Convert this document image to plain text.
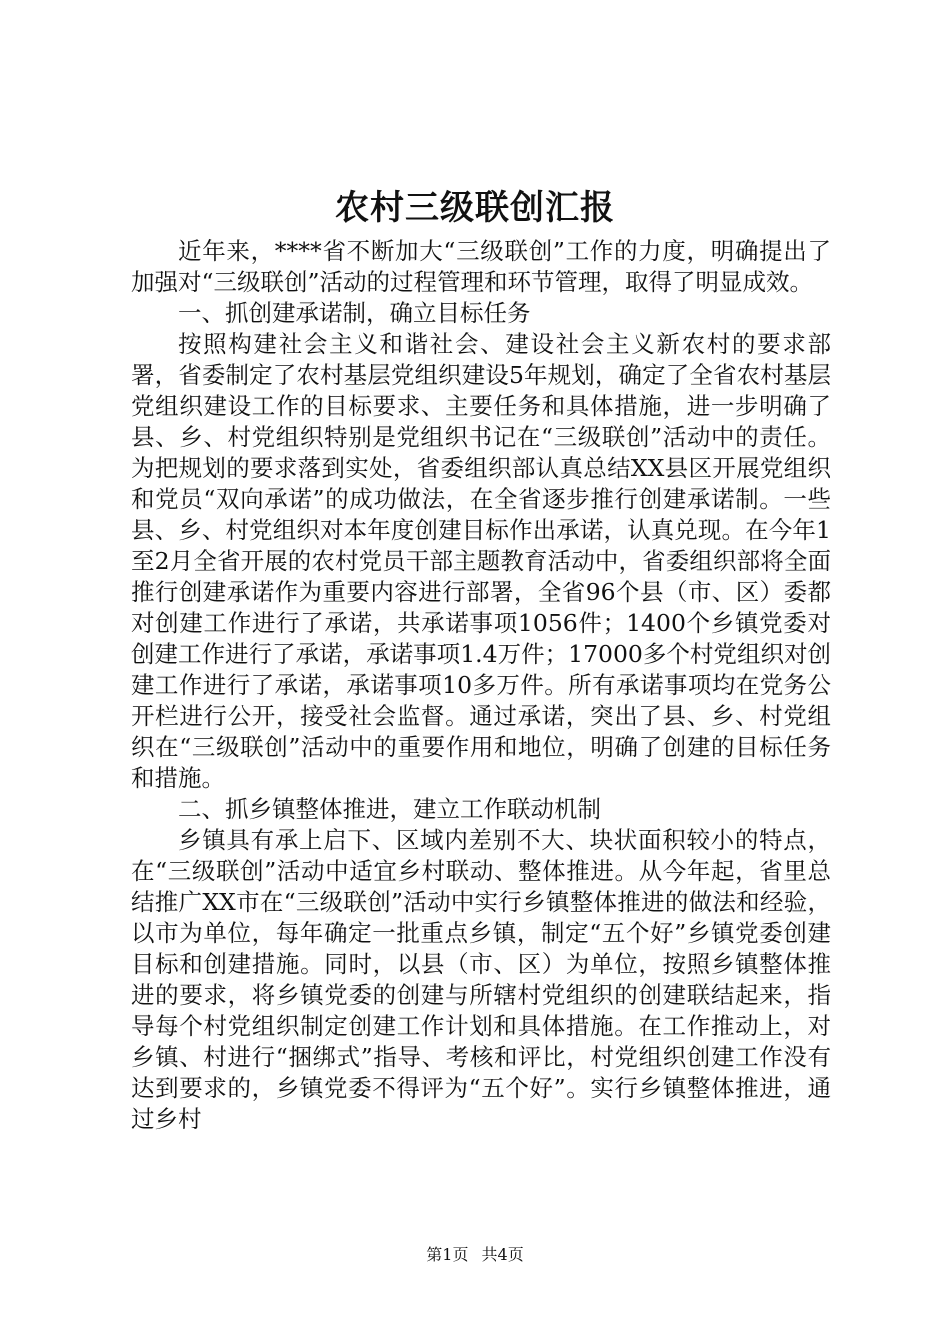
农村三级联创汇报

近年来，****省不断加大“三级联创”工作的力度，明确提出了加强对“三级联创”活动的过程管理和环节管理，取得了明显成效。

一、抓创建承诺制，确立目标任务

按照构建社会主义和谐社会、建设社会主义新农村的要求部署，省委制定了农村基层党组织建设5年规划，确定了全省农村基层党组织建设工作的目标要求、主要任务和具体措施，进一步明确了县、乡、村党组织特别是党组织书记在“三级联创”活动中的责任。为把规划的要求落到实处，省委组织部认真总结XX县区开展党组织和党员“双向承诺”的成功做法，在全省逐步推行创建承诺制。一些县、乡、村党组织对本年度创建目标作出承诺，认真兑现。在今年1至2月全省开展的农村党员干部主题教育活动中，省委组织部将全面推行创建承诺作为重要内容进行部署，全省96个县（市、区）委都对创建工作进行了承诺，共承诺事项1056件；1400个乡镇党委对创建工作进行了承诺，承诺事项1.4万件；17000多个村党组织对创建工作进行了承诺，承诺事项10多万件。所有承诺事项均在党务公开栏进行公开，接受社会监督。通过承诺，突出了县、乡、村党组织在“三级联创”活动中的重要作用和地位，明确了创建的目标任务和措施。

二、抓乡镇整体推进，建立工作联动机制

乡镇具有承上启下、区域内差别不大、块状面积较小的特点，在“三级联创”活动中适宜乡村联动、整体推进。从今年起，省里总结推广XX市在“三级联创”活动中实行乡镇整体推进的做法和经验，以市为单位，每年确定一批重点乡镇，制定“五个好”乡镇党委创建目标和创建措施。同时，以县（市、区）为单位，按照乡镇整体推进的要求，将乡镇党委的创建与所辖村党组织的创建联结起来，指导每个村党组织制定创建工作计划和具体措施。在工作推动上，对乡镇、村进行“捆绑式”指导、考核和评比，村党组织创建工作没有达到要求的，乡镇党委不得评为“五个好”。实行乡镇整体推进，通过乡村

第1页 共4页
